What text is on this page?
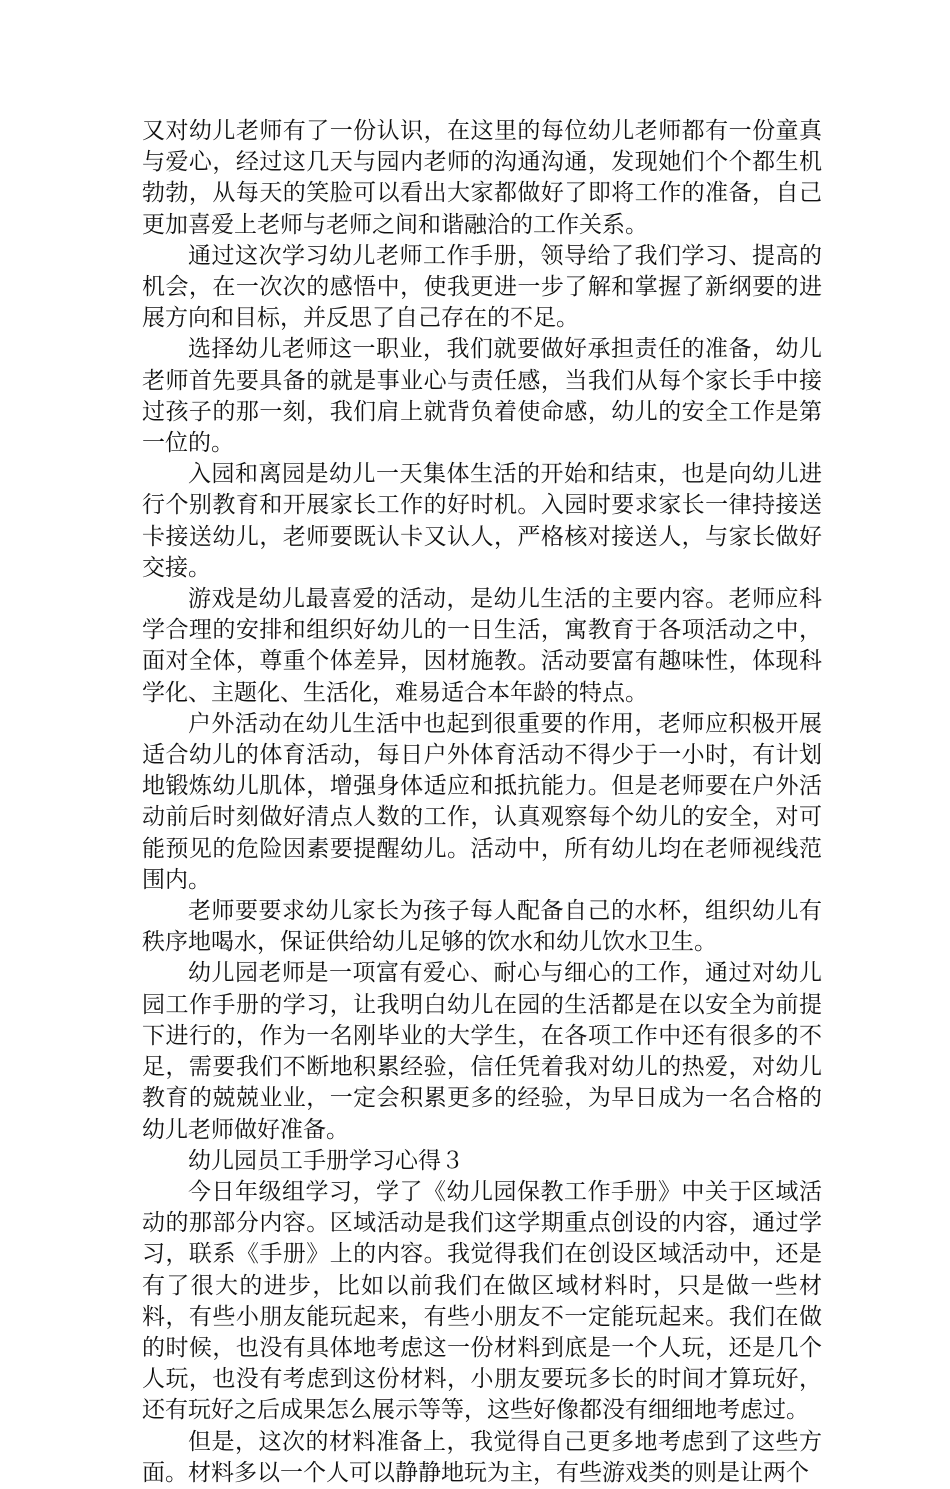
又对幼儿老师有了一份认识，在这里的每位幼儿老师都有一份童真与爱心，经过这几天与园内老师的沟通沟通，发现她们个个都生机勃勃，从每天的笑脸可以看出大家都做好了即将工作的准备，自己更加喜爱上老师与老师之间和谐融洽的工作关系。

通过这次学习幼儿老师工作手册，领导给了我们学习、提高的机会，在一次次的感悟中，使我更进一步了解和掌握了新纲要的进展方向和目标，并反思了自己存在的不足。

选择幼儿老师这一职业，我们就要做好承担责任的准备，幼儿老师首先要具备的就是事业心与责任感，当我们从每个家长手中接过孩子的那一刻，我们肩上就背负着使命感，幼儿的安全工作是第一位的。

入园和离园是幼儿一天集体生活的开始和结束，也是向幼儿进行个别教育和开展家长工作的好时机。入园时要求家长一律持接送卡接送幼儿，老师要既认卡又认人，严格核对接送人，与家长做好交接。

游戏是幼儿最喜爱的活动，是幼儿生活的主要内容。老师应科学合理的安排和组织好幼儿的一日生活，寓教育于各项活动之中，面对全体，尊重个体差异，因材施教。活动要富有趣味性，体现科学化、主题化、生活化，难易适合本年龄的特点。

户外活动在幼儿生活中也起到很重要的作用，老师应积极开展适合幼儿的体育活动，每日户外体育活动不得少于一小时，有计划地锻炼幼儿肌体，增强身体适应和抵抗能力。但是老师要在户外活动前后时刻做好清点人数的工作，认真观察每个幼儿的安全，对可能预见的危险因素要提醒幼儿。活动中，所有幼儿均在老师视线范围内。

老师要要求幼儿家长为孩子每人配备自己的水杯，组织幼儿有秩序地喝水，保证供给幼儿足够的饮水和幼儿饮水卫生。

幼儿园老师是一项富有爱心、耐心与细心的工作，通过对幼儿园工作手册的学习，让我明白幼儿在园的生活都是在以安全为前提下进行的，作为一名刚毕业的大学生，在各项工作中还有很多的不足，需要我们不断地积累经验，信任凭着我对幼儿的热爱，对幼儿教育的兢兢业业，一定会积累更多的经验，为早日成为一名合格的幼儿老师做好准备。

幼儿园员工手册学习心得３

今日年级组学习，学了《幼儿园保教工作手册》中关于区域活动的那部分内容。区域活动是我们这学期重点创设的内容，通过学习，联系《手册》上的内容。我觉得我们在创设区域活动中，还是有了很大的进步，比如以前我们在做区域材料时，只是做一些材料，有些小朋友能玩起来，有些小朋友不一定能玩起来。我们在做的时候，也没有具体地考虑这一份材料到底是一个人玩，还是几个人玩，也没有考虑到这份材料，小朋友要玩多长的时间才算玩好，还有玩好之后成果怎么展示等等，这些好像都没有细细地考虑过。

但是，这次的材料准备上，我觉得自己更多地考虑到了这些方面。材料多以一个人可以静静地玩为主，有些游戏类的则是让两个
